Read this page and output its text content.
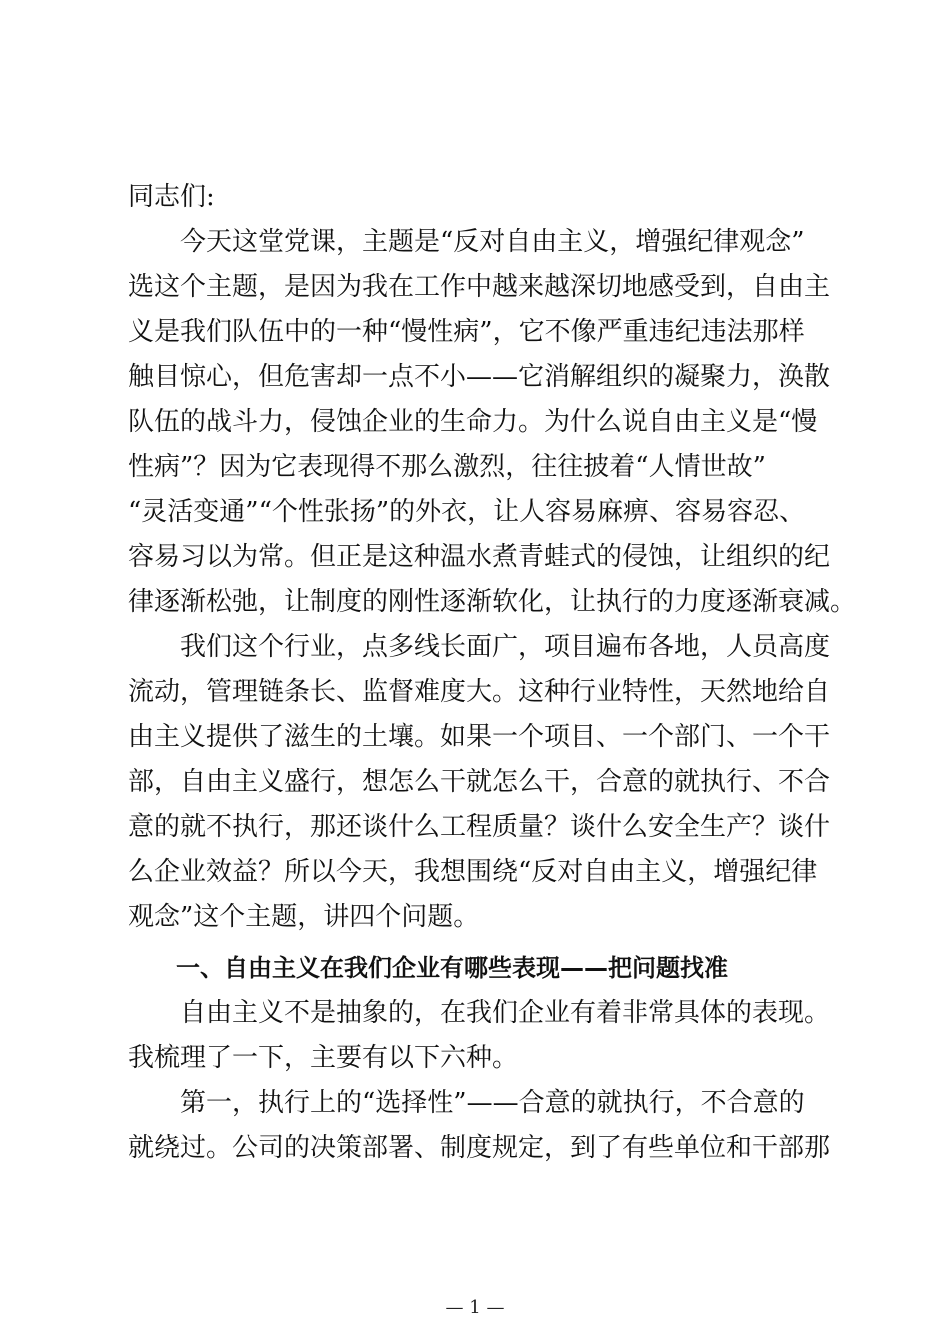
同志们:
　　今天这堂党课，主题是“反对自由主义，增强纪律观念”
选这个主题，是因为我在工作中越来越深切地感受到，自由主
义是我们队伍中的一种“慢性病”，它不像严重违纪违法那样
触目惊心，但危害却一点不小——它消解组织的凝聚力，涣散
队伍的战斗力，侵蚀企业的生命力。为什么说自由主义是“慢
性病”？因为它表现得不那么激烈，往往披着“人情世故”
“灵活变通”“个性张扬”的外衣，让人容易麻痹、容易容忍、
容易习以为常。但正是这种温水煮青蛙式的侵蚀，让组织的纪
律逐渐松弛，让制度的刚性逐渐软化，让执行的力度逐渐衰减。
　　我们这个行业，点多线长面广，项目遍布各地，人员高度
流动，管理链条长、监督难度大。这种行业特性，天然地给自
由主义提供了滋生的土壤。如果一个项目、一个部门、一个干
部，自由主义盛行，想怎么干就怎么干，合意的就执行、不合
意的就不执行，那还谈什么工程质量？谈什么安全生产？谈什
么企业效益？所以今天，我想围绕“反对自由主义，增强纪律
观念”这个主题，讲四个问题。
　　一、自由主义在我们企业有哪些表现——把问题找准
　　自由主义不是抽象的，在我们企业有着非常具体的表现。
我梳理了一下，主要有以下六种。
　　第一，执行上的“选择性”——合意的就执行，不合意的
就绕过。公司的决策部署、制度规定，到了有些单位和干部那
— 1 —
